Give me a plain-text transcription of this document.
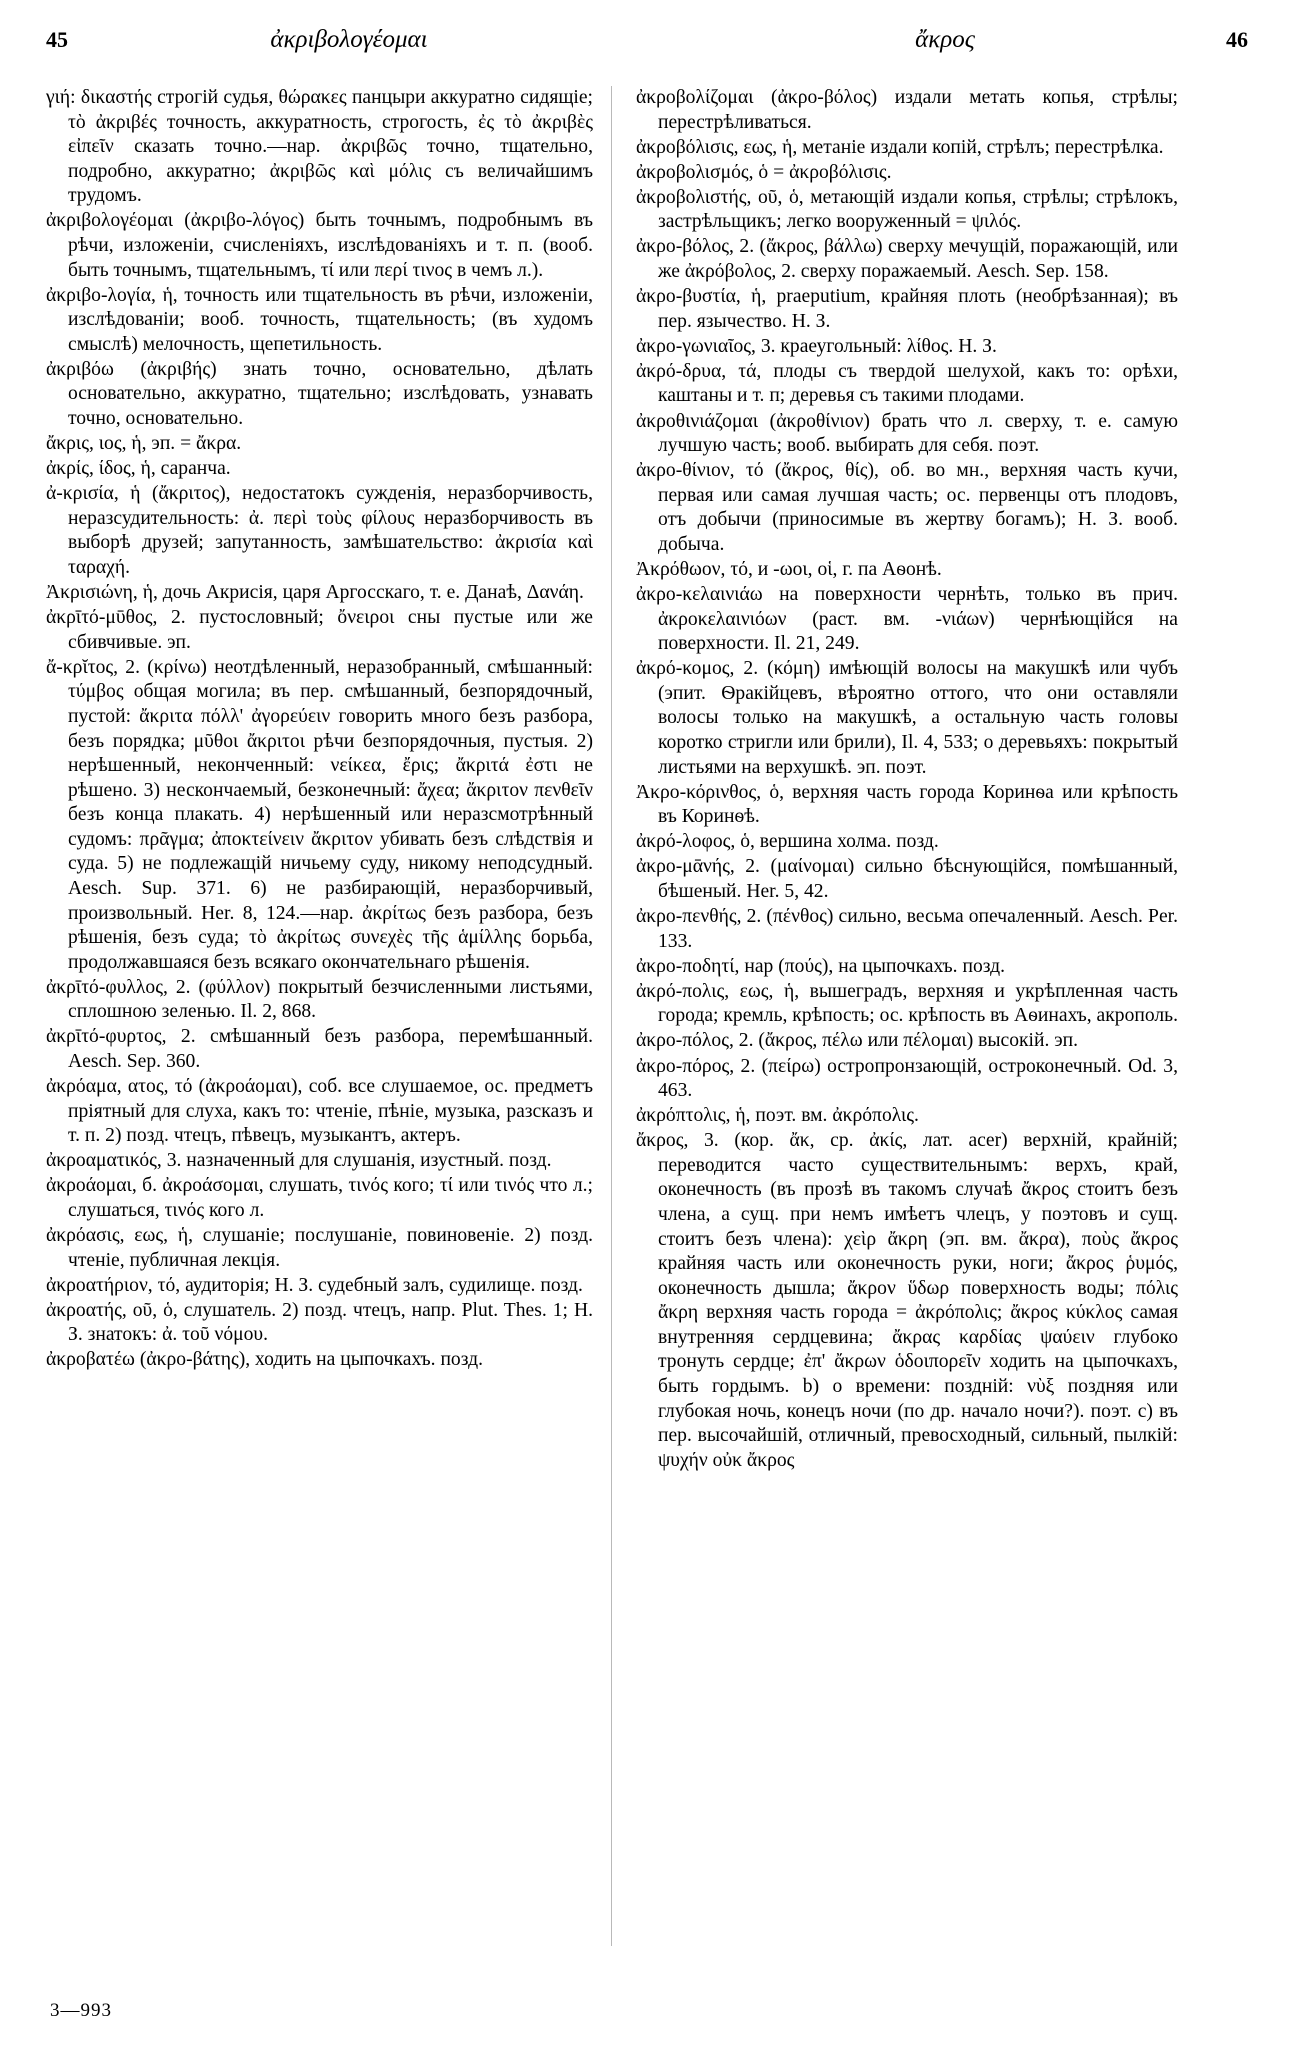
45	ἀκριβολογέομαι	ἄκρος	46

γιή: δικαστής строгій судья, θώρακες панцыри аккуратно сидящіе; τὸ ἀκριβές точность, аккуратность, строгость, ἐς τὸ ἀκριβὲς εἰπεῖν сказать точно.—нар. ἀκριβῶς точно, тщательно, подробно, аккуратно; ἀκριβῶς καὶ μόλις съ величайшимъ трудомъ.

ἀκριβολογέομαι (ἀκριβο-λόγος) быть точнымъ, подробнымъ въ рѣчи, изложеніи, счисленіяхъ, изслѣдованіяхъ и т. п. (вооб. быть точнымъ, тщательнымъ, τί или περί τινος в чемъ л.).

ἀκριβο-λογία, ἡ, точность или тщательность въ рѣчи, изложеніи, изслѣдованіи; вооб. точность, тщательность; (въ худомъ смыслѣ) мелочность, щепетильность.

ἀκριβόω (ἀκριβής) знать точно, основательно, дѣлать основательно, аккуратно, тщательно; изслѣдовать, узнавать точно, основательно.

ἄκρις, ιος, ἡ, эп. = ἄκρα.

ἀκρίς, ίδος, ἡ, саранча.

ἀ-κρισία, ἡ (ἄκριτος), недостатокъ сужденія, неразборчивость, неразсудительность: ἀ. περὶ τοὺς φίλους неразборчивость въ выборѣ друзей; запутанность, замѣшательство: ἀκρισία καὶ ταραχή.

Ἀκρισιώνη, ἡ, дочь Акрисія, царя Аргосскаго, т. е. Данаѣ, Δανάη.

ἀκρῑτό-μῡθος, 2. пустословный; ὄνειροι сны пустые или же сбивчивые. эп.

ἄ-κρῐτος, 2. (κρίνω) неотдѣленный, неразобранный, смѣшанный: τύμβος общая могила; въ пер. смѣшанный, безпорядочный, пустой: ἄκριτα πόλλ' ἀγορεύειν говорить много безъ разбора, безъ порядка; μῦθοι ἄκριτοι рѣчи безпорядочныя, пустыя. 2) нерѣшенный, неконченный: νείκεα, ἔρις; ἄκριτά ἐστι не рѣшено. 3) нескончаемый, безконечный: ἄχεα; ἄκριτον πενθεῖν безъ конца плакать. 4) нерѣшенный или неразсмотрѣнный судомъ: πρᾶγμα; ἀποκτείνειν ἄκριτον убивать безъ слѣдствія и суда. 5) не подлежащій ничьему суду, никому неподсудный. Aesch. Sup. 371. 6) не разбирающій, неразборчивый, произвольный. Her. 8, 124.—нар. ἀκρίτως безъ разбора, безъ рѣшенія, безъ суда; τὸ ἀκρίτως συνεχὲς τῆς ἁμίλλης борьба, продолжавшаяся безъ всякаго окончательнаго рѣшенія.

ἀκρῑτό-φυλλος, 2. (φύλλον) покрытый безчисленными листьями, сплошною зеленью. Il. 2, 868.

ἀκρῑτό-φυρτος, 2. смѣшанный безъ разбора, перемѣшанный. Aesch. Sep. 360.

ἀκρόαμα, ατος, τό (ἀκροάομαι), соб. все слушаемое, ос. предметъ пріятный для слуха, какъ то: чтеніе, пѣніе, музыка, разсказъ и т. п. 2) позд. чтецъ, пѣвецъ, музыкантъ, актеръ.

ἀκροαματικός, 3. назначенный для слушанія, изустный. позд.

ἀκροάομαι, б. ἀκροάσομαι, слушать, τινός кого; τί или τινός что л.; слушаться, τινός кого л.

ἀκρόασις, εως, ἡ, слушаніе; послушаніе, повиновеніе. 2) позд. чтеніе, публичная лекція.

ἀκροατήριον, τό, аудиторія; Н. З. судебный залъ, судилище. позд.

ἀκροατής, οῦ, ὁ, слушатель. 2) позд. чтецъ, напр. Plut. Thes. 1; Н. З. знатокъ: ἀ. τοῦ νόμου.

ἀκροβατέω (ἀκρο-βάτης), ходить на цыпочкахъ. позд.

ἀκροβολίζομαι (ἀκρο-βόλος) издали метать копья, стрѣлы; перестрѣливаться.

ἀκροβόλισις, εως, ἡ, метаніе издали копій, стрѣлъ; перестрѣлка.

ἀκροβολισμός, ὁ = ἀκροβόλισις.

ἀκροβολιστής, οῦ, ὁ, метающій издали копья, стрѣлы; стрѣлокъ, застрѣльщикъ; легко вооруженный = ψιλός.

ἀκρο-βόλος, 2. (ἄκρος, βάλλω) сверху мечущій, поражающій, или же ἀκρόβολος, 2. сверху поражаемый. Aesch. Sep. 158.

ἀκρο-βυστία, ἡ, praeputium, крайняя плоть (необрѣзанная); въ пер. язычество. Н. З.

ἀκρο-γωνιαῖος, 3. краеугольный: λίθος. Н. З.

ἀκρό-δρυα, τά, плоды съ твердой шелухой, какъ то: орѣхи, каштаны и т. п; деревья съ такими плодами.

ἀκροθινιάζομαι (ἀκροθίνιον) брать что л. сверху, т. е. самую лучшую часть; вооб. выбирать для себя. поэт.

ἀκρο-θίνιον, τό (ἄκρος, θίς), об. во мн., верхняя часть кучи, первая или самая лучшая часть; ос. первенцы отъ плодовъ, отъ добычи (приносимые въ жертву богамъ); Н. З. вооб. добыча.

Ἀκρόθωον, τό, и -ωοι, οἱ, г. па Аѳонѣ.

ἀκρο-κελαινιάω на поверхности чернѣть, только въ прич. ἀκροκελαινιόων (раст. вм. -νιάων) чернѣющійся на поверхности. Il. 21, 249.

ἀκρό-κομος, 2. (κόμη) имѣющій волосы на макушкѣ или чубъ (эпит. Ѳракійцевъ, вѣроятно оттого, что они оставляли волосы только на макушкѣ, а остальную часть головы коротко стригли или брили), Il. 4, 533; о деревьяхъ: покрытый листьями на верхушкѣ. эп. поэт.

Ἀκρο-κόρινθος, ὁ, верхняя часть города Коринѳа или крѣпость въ Коринѳѣ.

ἀκρό-λοφος, ὁ, вершина холма. позд.

ἀκρο-μᾱνής, 2. (μαίνομαι) сильно бѣснующійся, помѣшанный, бѣшеный. Her. 5, 42.

ἀκρο-πενθής, 2. (πένθος) сильно, весьма опечаленный. Aesch. Per. 133.

ἀκρο-ποδητί, нар (πούς), на цыпочкахъ. позд.

ἀκρό-πολις, εως, ἡ, вышеградъ, верхняя и укрѣпленная часть города; кремль, крѣпость; ос. крѣпость въ Аѳинахъ, акрополь.

ἀκρο-πόλος, 2. (ἄκρος, πέλω или πέλομαι) высокій. эп.

ἀκρο-πόρος, 2. (πείρω) остропронзающій, остроконечный. Od. 3, 463.

ἀκρόπτολις, ἡ, поэт. вм. ἀκρόπολις.

ἄκρος, 3. (кор. ἄκ, ср. ἀκίς, лат. acer) верхній, крайній; переводится часто существительнымъ: верхъ, край, оконечность (въ прозѣ въ такомъ случаѣ ἄκρος стоитъ безъ члена, а сущ. при немъ имѣетъ члецъ, у поэтовъ и сущ. стоитъ безъ члена): χεὶρ ἄκρη (эп. вм. ἄκρα), ποὺς ἄκρος крайняя часть или оконечность руки, ноги; ἄκρος ῥυμός, оконечность дышла; ἄκρον ὕδωρ поверхность воды; πόλις ἄκρη верхняя часть города = ἀκρόπολις; ἄκρος κύκλος самая внутренняя сердцевина; ἄκρας καρδίας ψαύειν глубоко тронуть сердце; ἐπ' ἄκρων ὁδοιπορεῖν ходить на цыпочкахъ, быть гордымъ. b) о времени: поздній: νὺξ поздняя или глубокая ночь, конецъ ночи (по др. начало ночи?). поэт. с) въ пер. высочайшій, отличный, превосходный, сильный, пылкій: ψυχήν οὐκ ἄκρος

3—993
